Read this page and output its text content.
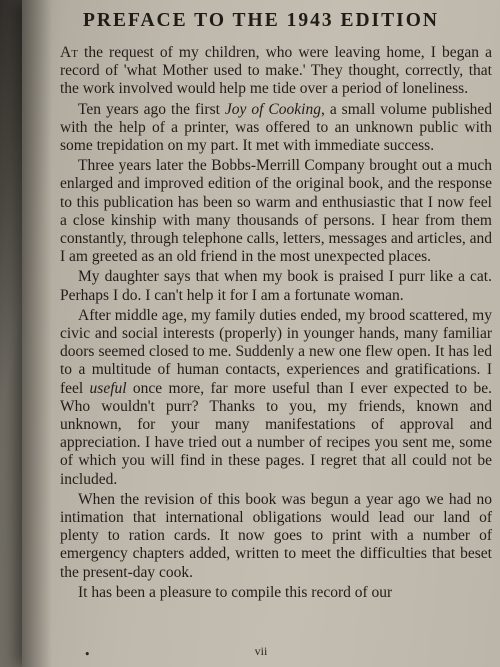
PREFACE TO THE 1943 EDITION

At the request of my children, who were leaving home, I began a record of 'what Mother used to make.' They thought, correctly, that the work involved would help me tide over a period of loneliness.

Ten years ago the first Joy of Cooking, a small volume published with the help of a printer, was offered to an unknown public with some trepidation on my part. It met with immediate success.

Three years later the Bobbs-Merrill Company brought out a much enlarged and improved edition of the original book, and the response to this publication has been so warm and enthusiastic that I now feel a close kinship with many thousands of persons. I hear from them constantly, through telephone calls, letters, messages and articles, and I am greeted as an old friend in the most unexpected places.

My daughter says that when my book is praised I purr like a cat. Perhaps I do. I can't help it for I am a fortunate woman.

After middle age, my family duties ended, my brood scattered, my civic and social interests (properly) in younger hands, many familiar doors seemed closed to me. Suddenly a new one flew open. It has led to a multitude of human contacts, experiences and gratifications. I feel useful once more, far more useful than I ever expected to be. Who wouldn't purr? Thanks to you, my friends, known and unknown, for your many manifestations of approval and appreciation. I have tried out a number of recipes you sent me, some of which you will find in these pages. I regret that all could not be included.

When the revision of this book was begun a year ago we had no intimation that international obligations would lead our land of plenty to ration cards. It now goes to print with a number of emergency chapters added, written to meet the difficulties that beset the present-day cook.

It has been a pleasure to compile this record of our

•	vii
